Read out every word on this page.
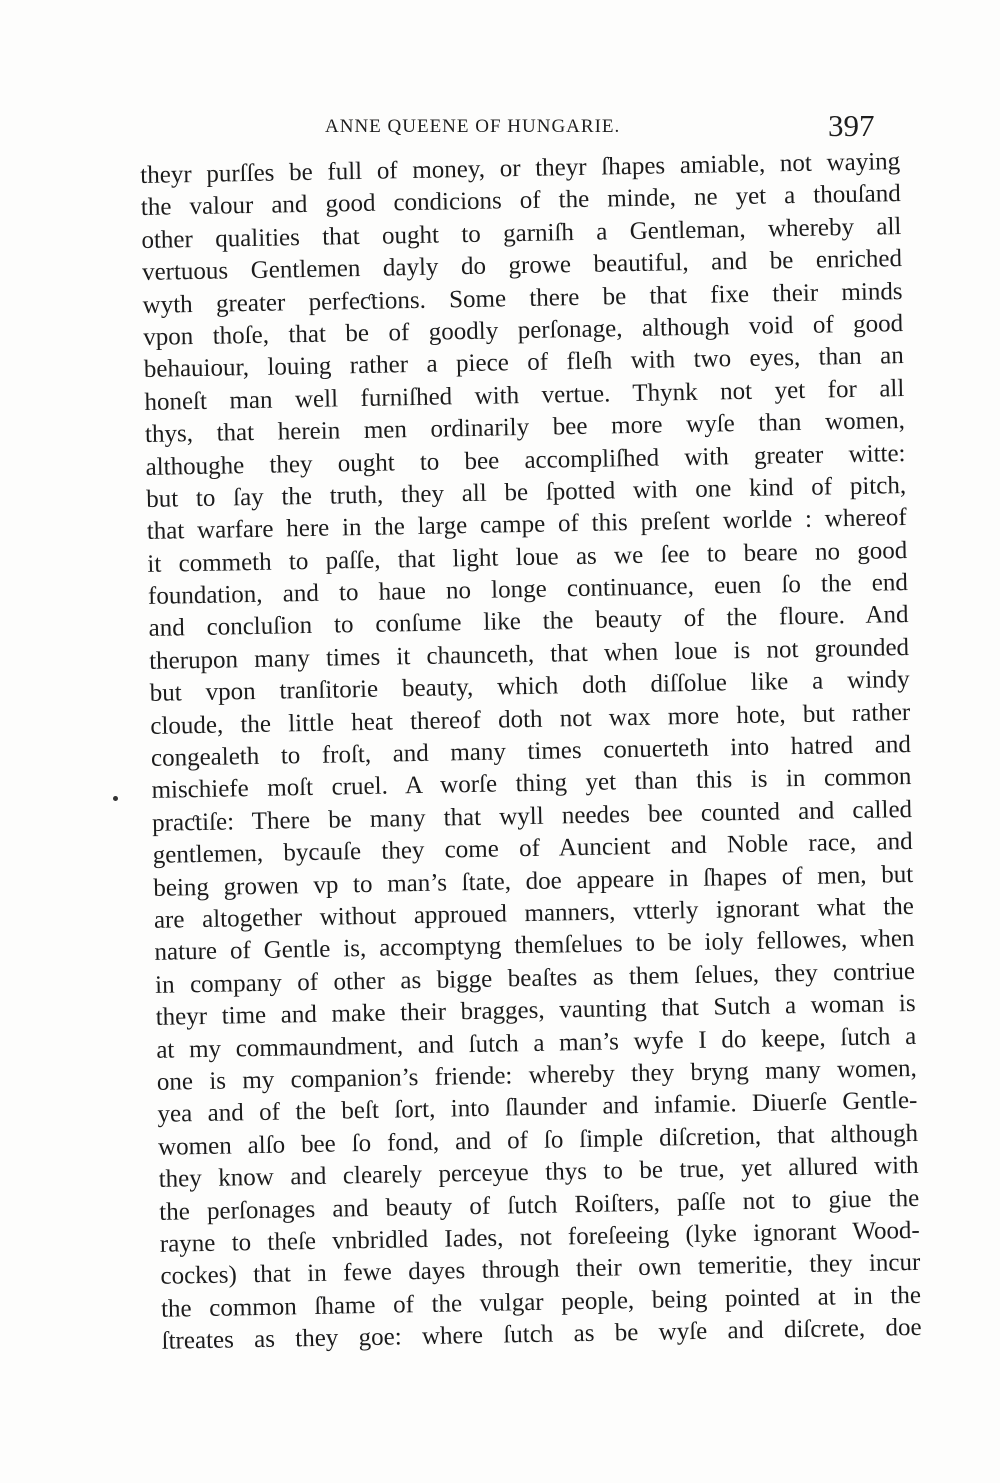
ANNE QUEENE OF HUNGARIE.	397
theyr purſſes be full of money, or theyr ſhapes amiable, not waying
the valour and good condicions of the minde, ne yet a thouſand
other qualities that ought to garniſh a Gentleman, whereby all
vertuous Gentlemen dayly do growe beautiful, and be enriched
wyth greater perfeƈtions. Some there be that fixe their minds
vpon thoſe, that be of goodly perſonage, although void of good
behauiour, louing rather a piece of fleſh with two eyes, than an
honeſt man well furniſhed with vertue. Thynk not yet for all
thys, that herein men ordinarily bee more wyſe than women,
althoughe they ought to bee accompliſhed with greater witte:
but to ſay the truth, they all be ſpotted with one kind of pitch,
that warfare here in the large campe of this preſent worlde : whereof
it commeth to paſſe, that light loue as we ſee to beare no good
foundation, and to haue no longe continuance, euen ſo the end
and concluſion to conſume like the beauty of the floure. And
therupon many times it chaunceth, that when loue is not grounded
but vpon tranſitorie beauty, which doth diſſolue like a windy
cloude, the little heat thereof doth not wax more hote, but rather
congealeth to froſt, and many times conuerteth into hatred and
mischiefe moſt cruel. A worſe thing yet than this is in common
praƈtiſe: There be many that wyll needes bee counted and called
gentlemen, bycauſe they come of Auncient and Noble race, and
being growen vp to man’s ſtate, doe appeare in ſhapes of men, but
are altogether without approued manners, vtterly ignorant what the
nature of Gentle is, accomptyng themſelues to be ioly fellowes, when
in company of other as bigge beaſtes as them ſelues, they contriue
theyr time and make their bragges, vaunting that Sutch a woman is
at my commaundment, and ſutch a man’s wyfe I do keepe, ſutch a
one is my companion’s friende: whereby they bryng many women,
yea and of the beſt ſort, into ſlaunder and infamie. Diuerſe Gentle-
women alſo bee ſo fond, and of ſo ſimple diſcretion, that although
they know and clearely perceyue thys to be true, yet allured with
the perſonages and beauty of ſutch Roiſters, paſſe not to giue the
rayne to theſe vnbridled Iades, not foreſeeing (lyke ignorant Wood-
cockes) that in fewe dayes through their own temeritie, they incur
the common ſhame of the vulgar people, being pointed at in the
ſtreates as they goe: where ſutch as be wyſe and diſcrete, doe
